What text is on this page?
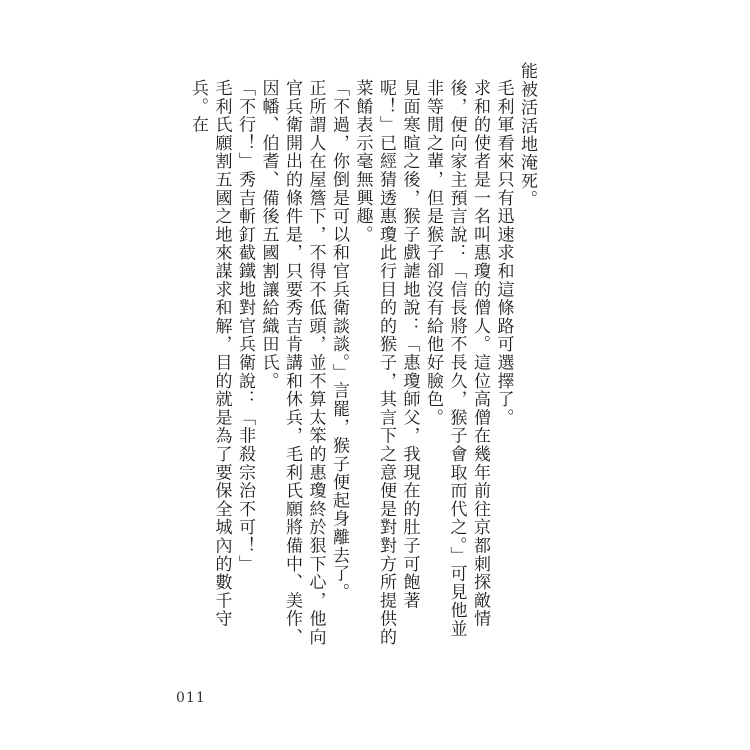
能被活活地淹死。

毛利軍看來只有迅速求和這條路可選擇了。

求和的使者是一名叫惠瓊的僧人。這位高僧在幾年前往京都刺探敵情後，便向家主預言說：「信長將不長久，猴子會取而代之。」可見他並非等閒之輩，但是猴子卻沒有給他好臉色。

見面寒暄之後，猴子戲謔地說：「惠瓊師父，我現在的肚子可飽著呢！」已經猜透惠瓊此行目的的猴子，其言下之意便是對對方所提供的菜餚表示毫無興趣。

「不過，你倒是可以和官兵衛談談。」言罷，猴子便起身離去了。

正所謂人在屋簷下，不得不低頭，並不算太笨的惠瓊終於狠下心，他向官兵衛開出的條件是，只要秀吉肯講和休兵，毛利氏願將備中、美作、因幡、伯耆、備後五國割讓給織田氏。

「不行！」秀吉斬釘截鐵地對官兵衛說：「非殺宗治不可！」

毛利氏願割五國之地來謀求和解，目的就是為了要保全城內的數千守兵。在

011
